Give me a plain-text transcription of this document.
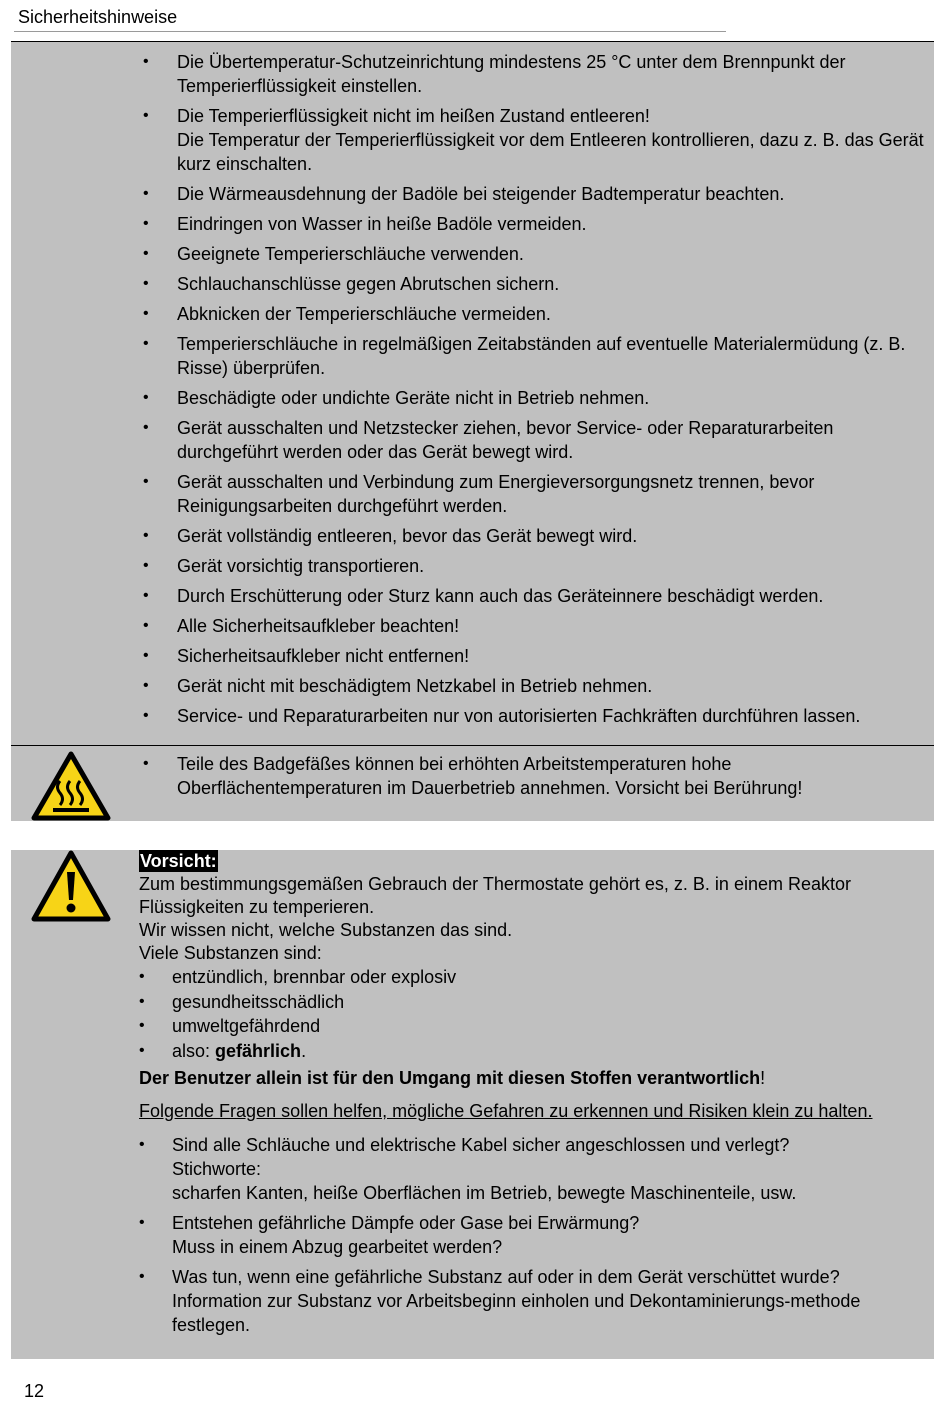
Sicherheitshinweise
• Die Übertemperatur-Schutzeinrichtung mindestens 25 °C unter dem Brennpunkt der Temperierflüssigkeit einstellen.
• Die Temperierflüssigkeit nicht im heißen Zustand entleeren!
Die Temperatur der Temperierflüssigkeit vor dem Entleeren kontrollieren, dazu z. B. das Gerät kurz einschalten.
• Die Wärmeausdehnung der Badöle bei steigender Badtemperatur beachten.
• Eindringen von Wasser in heiße Badöle vermeiden.
• Geeignete Temperierschläuche verwenden.
• Schlauchanschlüsse gegen Abrutschen sichern.
• Abknicken der Temperierschläuche vermeiden.
• Temperierschläuche in regelmäßigen Zeitabständen auf eventuelle Materialermüdung (z. B. Risse) überprüfen.
• Beschädigte oder undichte Geräte nicht in Betrieb nehmen.
• Gerät ausschalten und Netzstecker ziehen, bevor Service- oder Reparaturarbeiten durchgeführt werden oder das Gerät bewegt wird.
• Gerät ausschalten und Verbindung zum Energieversorgungsnetz trennen, bevor Reinigungsarbeiten durchgeführt werden.
• Gerät vollständig entleeren, bevor das Gerät bewegt wird.
• Gerät vorsichtig transportieren.
• Durch Erschütterung oder Sturz kann auch das Geräteinnere beschädigt werden.
• Alle Sicherheitsaufkleber beachten!
• Sicherheitsaufkleber nicht entfernen!
• Gerät nicht mit beschädigtem Netzkabel in Betrieb nehmen.
• Service- und Reparaturarbeiten nur von autorisierten Fachkräften durchführen lassen.
• Teile des Badgefäßes können bei erhöhten Arbeitstemperaturen hohe Oberflächentemperaturen im Dauerbetrieb annehmen. Vorsicht bei Berührung!
Vorsicht:
Zum bestimmungsgemäßen Gebrauch der Thermostate gehört es, z. B. in einem Reaktor Flüssigkeiten zu temperieren.
Wir wissen nicht, welche Substanzen das sind.
Viele Substanzen sind:
• entzündlich, brennbar oder explosiv
• gesundheitsschädlich
• umweltgefährdend
• also: gefährlich.
Der Benutzer allein ist für den Umgang mit diesen Stoffen verantwortlich!
Folgende Fragen sollen helfen, mögliche Gefahren zu erkennen und Risiken klein zu halten.
• Sind alle Schläuche und elektrische Kabel sicher angeschlossen und verlegt?
Stichworte:
scharfen Kanten, heiße Oberflächen im Betrieb, bewegte Maschinenteile, usw.
• Entstehen gefährliche Dämpfe oder Gase bei Erwärmung?
Muss in einem Abzug gearbeitet werden?
• Was tun, wenn eine gefährliche Substanz auf oder in dem Gerät verschüttet wurde?
Information zur Substanz vor Arbeitsbeginn einholen und Dekontaminierungs-methode festlegen.
12
